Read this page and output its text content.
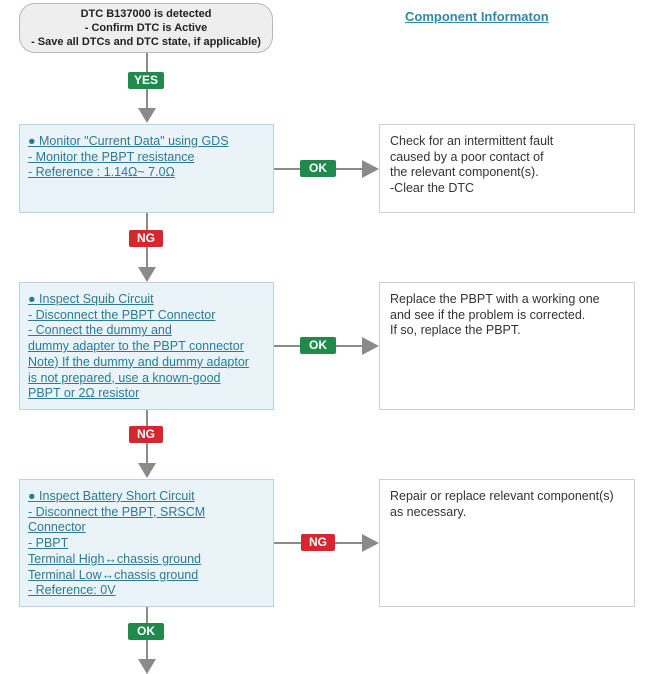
DTC B137000 is detected
- Confirm DTC is Active
- Save all DTCs and DTC state, if applicable)
Component Informaton
YES
● Monitor "Current Data" using GDS
- Monitor the PBPT resistance
- Reference : 1.14Ω~ 7.0Ω	OK
Check for an intermittent fault
caused by a poor contact of
the relevant component(s).
-Clear the DTC
NG
● Inspect Squib Circuit
- Disconnect the PBPT Connector
- Connect the dummy and
dummy adapter to the PBPT connector
Note) If the dummy and dummy adaptor
is not prepared, use a known-good
PBPT or 2Ω resistor
OK
Replace the PBPT with a working one
and see if the problem is corrected.
If so, replace the PBPT.
NG
● Inspect Battery Short Circuit
- Disconnect the PBPT, SRSCM
Connector
- PBPT
Terminal High↔chassis ground
Terminal Low↔chassis ground
- Reference: 0V
NG
Repair or replace relevant component(s)
as necessary.
OK
